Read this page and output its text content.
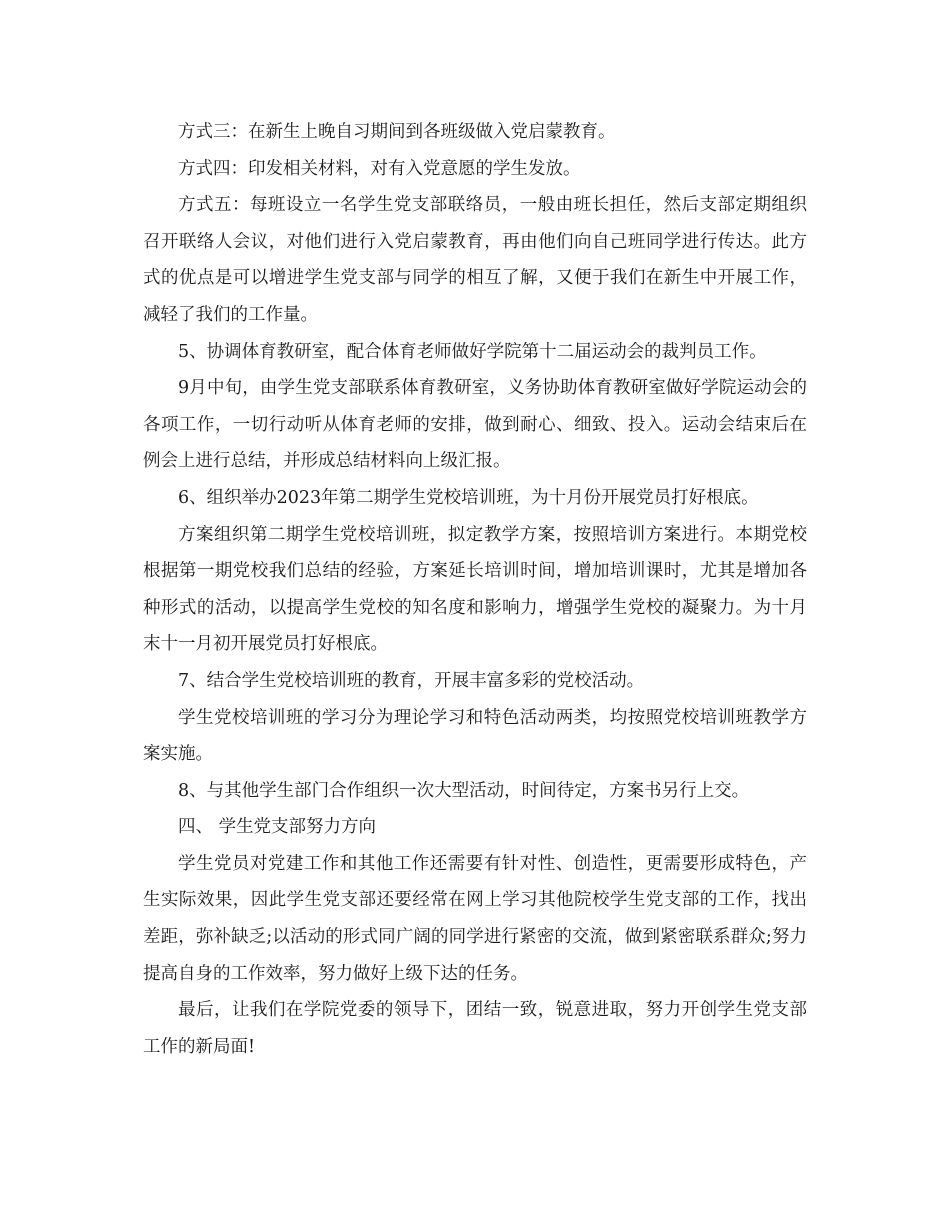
方式三：在新生上晚自习期间到各班级做入党启蒙教育。

方式四：印发相关材料，对有入党意愿的学生发放。

方式五：每班设立一名学生党支部联络员，一般由班长担任，然后支部定期组织召开联络人会议，对他们进行入党启蒙教育，再由他们向自己班同学进行传达。此方式的优点是可以增进学生党支部与同学的相互了解，又便于我们在新生中开展工作，减轻了我们的工作量。

5、协调体育教研室，配合体育老师做好学院第十二届运动会的裁判员工作。

9月中旬，由学生党支部联系体育教研室，义务协助体育教研室做好学院运动会的各项工作，一切行动听从体育老师的安排，做到耐心、细致、投入。运动会结束后在例会上进行总结，并形成总结材料向上级汇报。

6、组织举办2023年第二期学生党校培训班，为十月份开展党员打好根底。

方案组织第二期学生党校培训班，拟定教学方案，按照培训方案进行。本期党校根据第一期党校我们总结的经验，方案延长培训时间，增加培训课时，尤其是增加各种形式的活动，以提高学生党校的知名度和影响力，增强学生党校的凝聚力。为十月末十一月初开展党员打好根底。

7、结合学生党校培训班的教育，开展丰富多彩的党校活动。

学生党校培训班的学习分为理论学习和特色活动两类，均按照党校培训班教学方案实施。

8、与其他学生部门合作组织一次大型活动，时间待定，方案书另行上交。

四、 学生党支部努力方向

学生党员对党建工作和其他工作还需要有针对性、创造性，更需要形成特色，产生实际效果，因此学生党支部还要经常在网上学习其他院校学生党支部的工作，找出差距，弥补缺乏;以活动的形式同广阔的同学进行紧密的交流，做到紧密联系群众;努力提高自身的工作效率，努力做好上级下达的任务。

最后，让我们在学院党委的领导下，团结一致，锐意进取，努力开创学生党支部工作的新局面!
